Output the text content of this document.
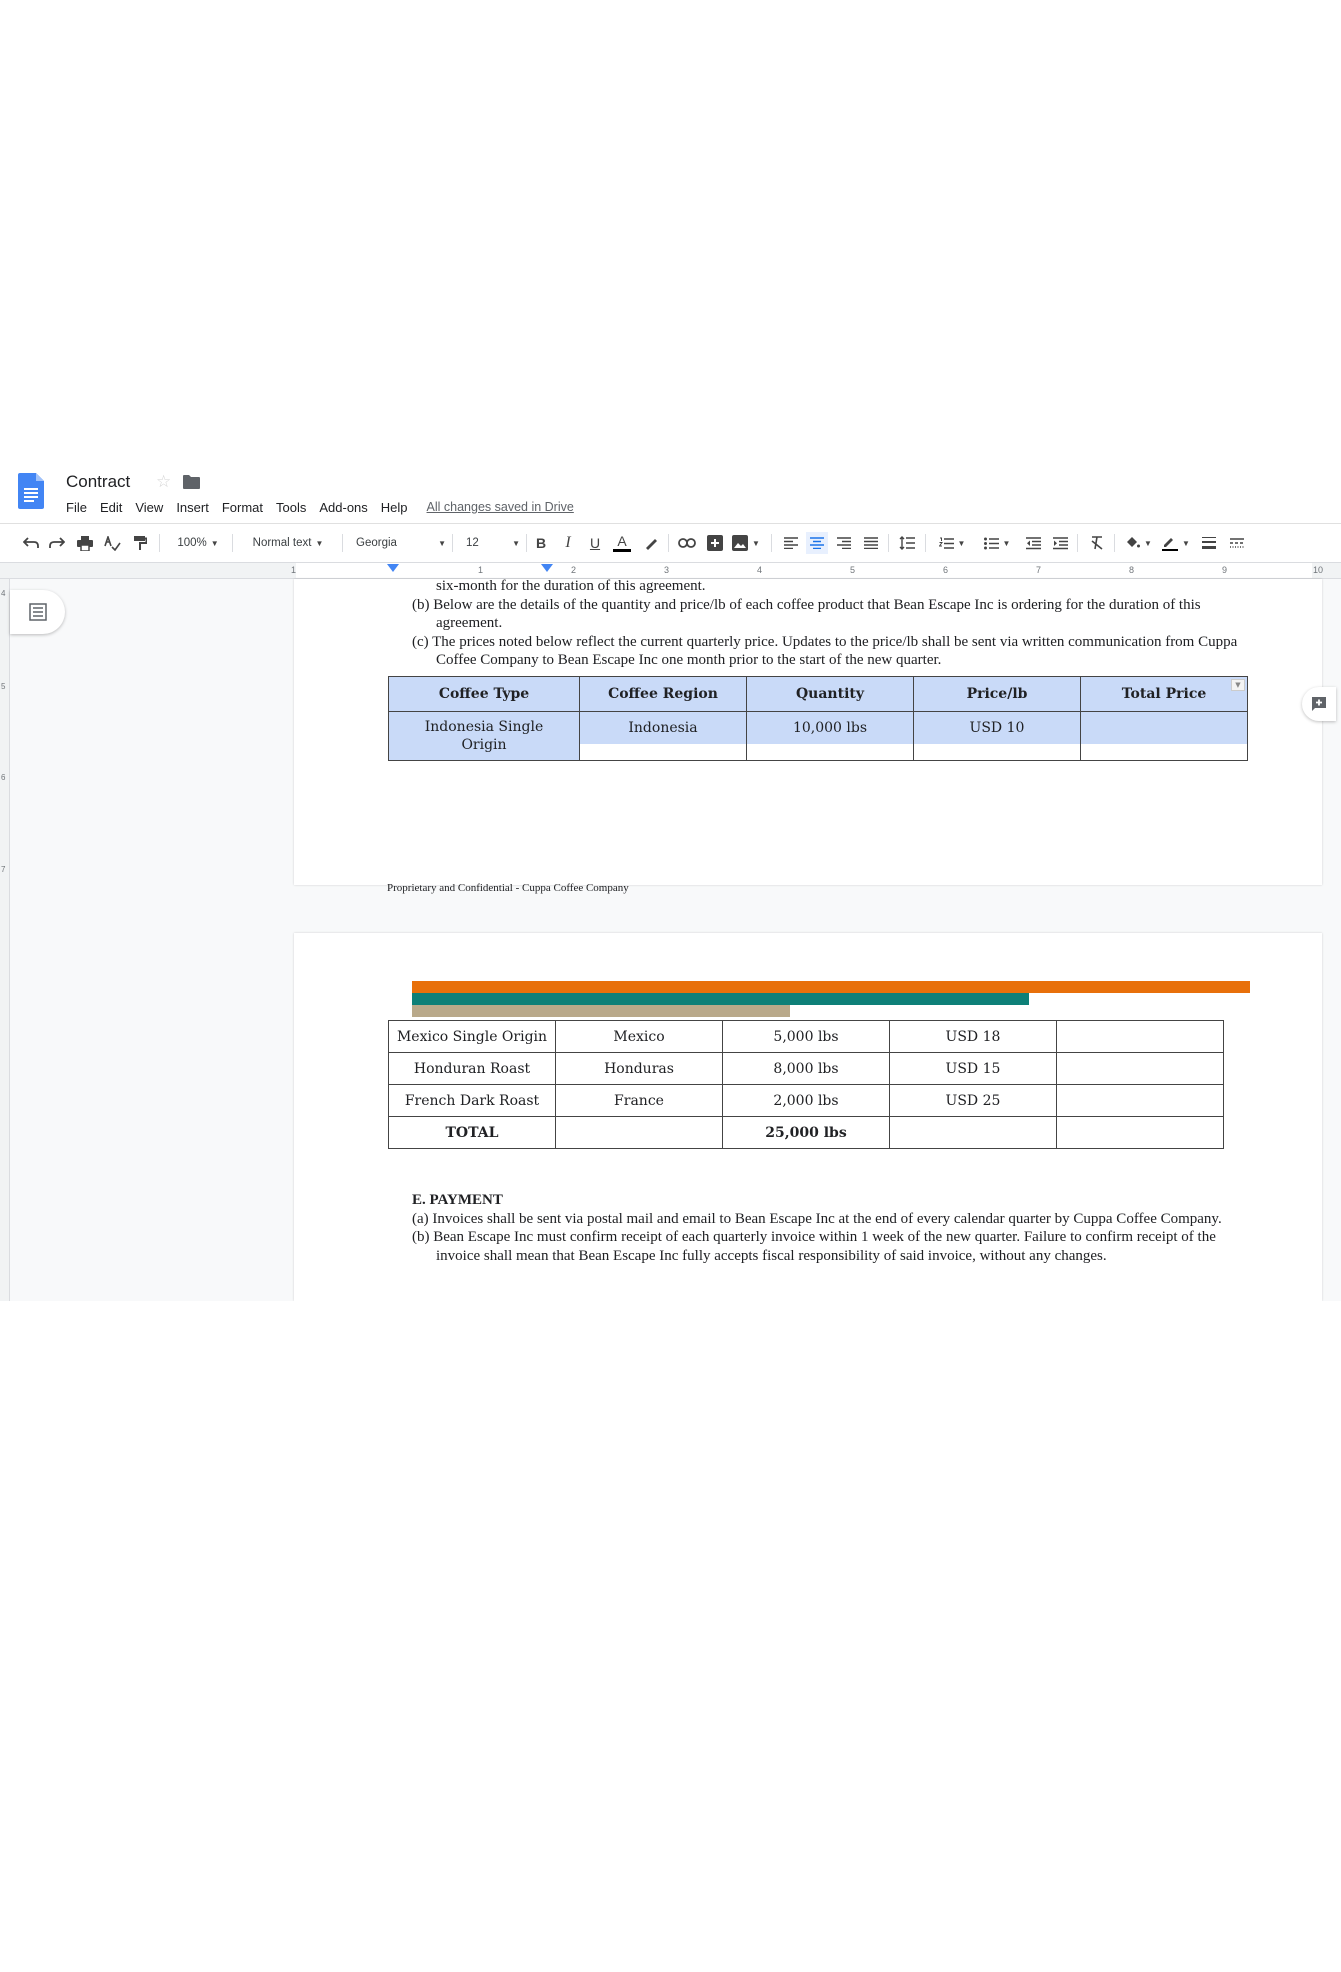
Contract ☆
File Edit View Insert Format Tools Add-ons Help All changes saved in Drive
100% ▼	Normal text ▼	Georgia	▼ 12	▼ B	I	U	A	▼	▼	▼	▼	▼
1	1	2	3	4	5	6	7	8	9	10
4
5
6
7
six-month for the duration of this agreement.
(b) Below are the details of the quantity and price/lb of each coffee product that Bean Escape Inc is ordering for the duration of this agreement.
(c) The prices noted below reflect the current quarterly price. Updates to the price/lb shall be sent via written communication from Cuppa Coffee Company to Bean Escape Inc one month prior to the start of the new quarter.
Coffee Type	Coffee Region	Quantity	Price/lb	Total Price
▼

Indonesia Single Origin	Indonesia	10,000 lbs	USD 10	

Proprietary and Confidential - Cuppa Coffee Company
Mexico Single Origin	Mexico	5,000 lbs	USD 18	
Honduran Roast	Honduras	8,000 lbs	USD 15	
French Dark Roast	France	2,000 lbs	USD 25	
TOTAL		25,000 lbs		
E. PAYMENT
(a) Invoices shall be sent via postal mail and email to Bean Escape Inc at the end of every calendar quarter by Cuppa Coffee Company.
(b) Bean Escape Inc must confirm receipt of each quarterly invoice within 1 week of the new quarter. Failure to confirm receipt of the invoice shall mean that Bean Escape Inc fully accepts fiscal responsibility of said invoice, without any changes.
